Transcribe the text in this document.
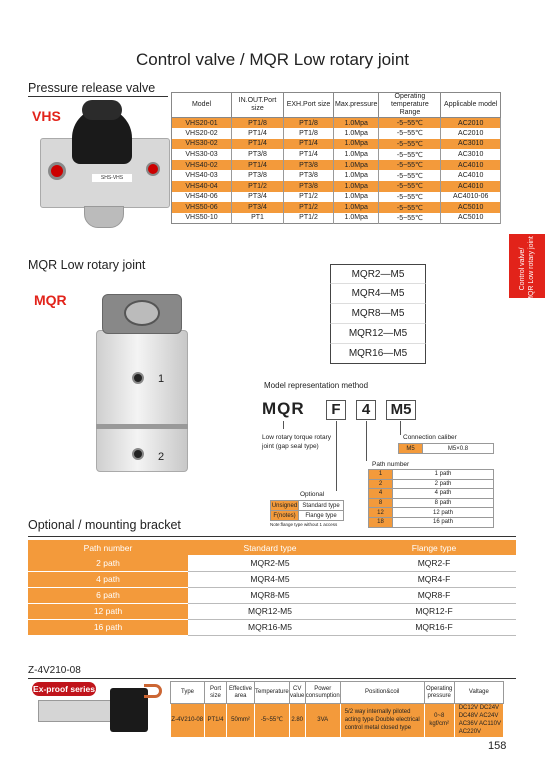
Control valve / MQR Low rotary joint
Control valve/ MQR Low rotary joint
Pressure release valve
VHS
SHS-VHS
Model	IN.OUT.Port size	EXH.Port size	Max.pressure	Operating temperature Range	Applicable model
VHS20-01	PT1/8	PT1/8	1.0Mpa	-5~55℃	AC2010
VHS20-02	PT1/4	PT1/8	1.0Mpa	-5~55℃	AC2010
VHS30-02	PT1/4	PT1/4	1.0Mpa	-5~55℃	AC3010
VHS30-03	PT3/8	PT1/4	1.0Mpa	-5~55℃	AC3010
VHS40-02	PT1/4	PT3/8	1.0Mpa	-5~55℃	AC4010
VHS40-03	PT3/8	PT3/8	1.0Mpa	-5~55℃	AC4010
VHS40-04	PT1/2	PT3/8	1.0Mpa	-5~55℃	AC4010
VHS40-06	PT3/4	PT1/2	1.0Mpa	-5~55℃	AC4010-06
VHS50-06	PT3/4	PT1/2	1.0Mpa	-5~55℃	AC5010
VHS50-10	PT1	PT1/2	1.0Mpa	-5~55℃	AC5010
MQR Low rotary joint
MQR
1
2
MQR2—M5
MQR4—M5
MQR8—M5
MQR12—M5
MQR16—M5
Model representation method
MQR	F	4	M5
Low rotary torque rotary joint (gap seal type)
Connection caliber
M5	M5×0.8
Path number
1	1 path
2	2 path
4	4 path
8	8 path
12	12 path
18	16 path
Optional
Unsigned	Standard type
F(notes)	Flange type
Note:flange type without 1 access
Optional / mounting bracket
Path number	Standard type	Flange type
2 path	MQR2-M5	MQR2-F
4 path	MQR4-M5	MQR4-F
6 path	MQR8-M5	MQR8-F
12 path	MQR12-M5	MQR12-F
16 path	MQR16-M5	MQR16-F
Z-4V210-08
Ex-proof series	Type	Port size	Effective area	Temperature	CV value	Power consumption	Position&coil	Operating pressure	Valtage
Z-4V210-08	PT1/4	50mm²	-5~55℃	2.80	3VA	5/2 way internally piloted acting type Double electrical control metal closed type	0~8 kgf/cm²	DC12V DC24V DC48V AC24V AC36V AC110V AC220V
158
